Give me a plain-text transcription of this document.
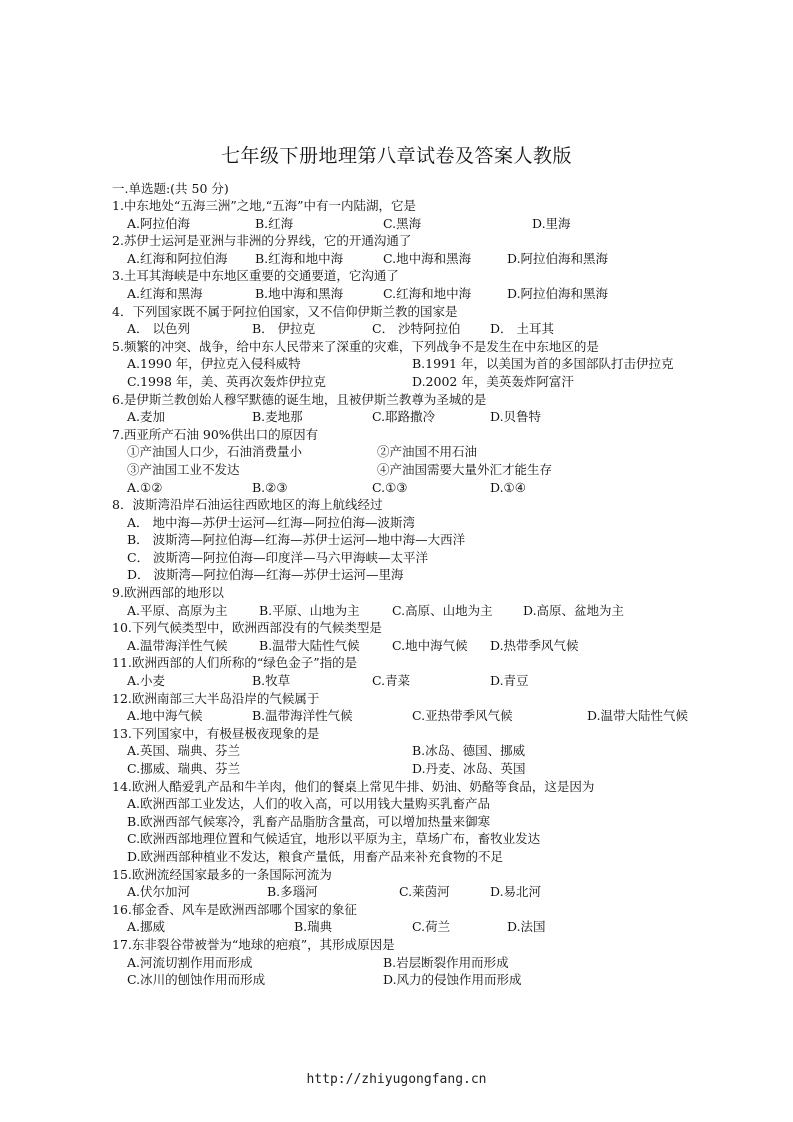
七年级下册地理第八章试卷及答案人教版
一.单选题:(共 50 分)
1.中东地处“五海三洲”之地,“五海”中有一内陆湖，它是
A.阿拉伯海	B.红海	C.黑海	D.里海
2.苏伊士运河是亚洲与非洲的分界线，它的开通沟通了
A.红海和阿拉伯海 B.红海和地中海	C.地中海和黑海	D.阿拉伯海和黑海
3.土耳其海峡是中东地区重要的交通要道，它沟通了
A.红海和黑海	B.地中海和黑海	C.红海和地中海	D.阿拉伯海和黑海
4．下列国家既不属于阿拉伯国家，又不信仰伊斯兰教的国家是
A． 以色列	B． 伊拉克	C． 沙特阿拉伯 D． 土耳其
5.频繁的冲突、战争，给中东人民带来了深重的灾难，下列战争不是发生在中东地区的是
A.1990 年，伊拉克入侵科威特	B.1991 年，以美国为首的多国部队打击伊拉克
C.1998 年，美、英再次轰炸伊拉克	D.2002 年，美英轰炸阿富汗
6.是伊斯兰教创始人穆罕默德的诞生地，且被伊斯兰教尊为圣城的是
A.麦加	B.麦地那	C.耶路撒冷	D.贝鲁特
7.西亚所产石油 90%供出口的原因有
①产油国人口少，石油消费量小	②产油国不用石油
③产油国工业不发达	④产油国需要大量外汇才能生存
A.①②	B.②③	C.①③	D.①④
8．波斯湾沿岸石油运往西欧地区的海上航线经过
A． 地中海—苏伊士运河—红海—阿拉伯海—波斯湾
B． 波斯湾—阿拉伯海—红海—苏伊士运河—地中海—大西洋
C． 波斯湾—阿拉伯海—印度洋—马六甲海峡—太平洋
D． 波斯湾—阿拉伯海—红海—苏伊士运河—里海
9.欧洲西部的地形以
A.平原、高原为主	B.平原、山地为主	C.高原、山地为主 D.高原、盆地为主
10.下列气候类型中，欧洲西部没有的气候类型是
A.温带海洋性气候	B.温带大陆性气候	C.地中海气候 D.热带季风气候
11.欧洲西部的人们所称的“绿色金子”指的是
A.小麦	B.牧草	C.青菜	D.青豆
12.欧洲南部三大半岛沿岸的气候属于
A.地中海气候	B.温带海洋性气候	C.亚热带季风气候	D.温带大陆性气候
13.下列国家中，有极昼极夜现象的是
A.英国、瑞典、芬兰	B.冰岛、德国、挪威
C.挪威、瑞典、芬兰	D.丹麦、冰岛、英国
14.欧洲人酷爱乳产品和牛羊肉，他们的餐桌上常见牛排、奶油、奶酪等食品，这是因为
A.欧洲西部工业发达，人们的收入高，可以用钱大量购买乳畜产品
B.欧洲西部气候寒冷，乳畜产品脂肪含量高，可以增加热量来御寒
C.欧洲西部地理位置和气候适宜，地形以平原为主，草场广布，畜牧业发达
D.欧洲西部种植业不发达，粮食产量低，用畜产品来补充食物的不足
15.欧洲流经国家最多的一条国际河流为
A.伏尔加河	B.多瑙河	C.莱茵河	D.易北河
16.郁金香、风车是欧洲西部哪个国家的象征
A.挪威	B.瑞典	C.荷兰	D.法国
17.东非裂谷带被誉为“地球的疤痕”，其形成原因是
A.河流切割作用而形成	B.岩层断裂作用而形成
C.冰川的刨蚀作用而形成	D.风力的侵蚀作用而形成
http://zhiyugongfang.cn
